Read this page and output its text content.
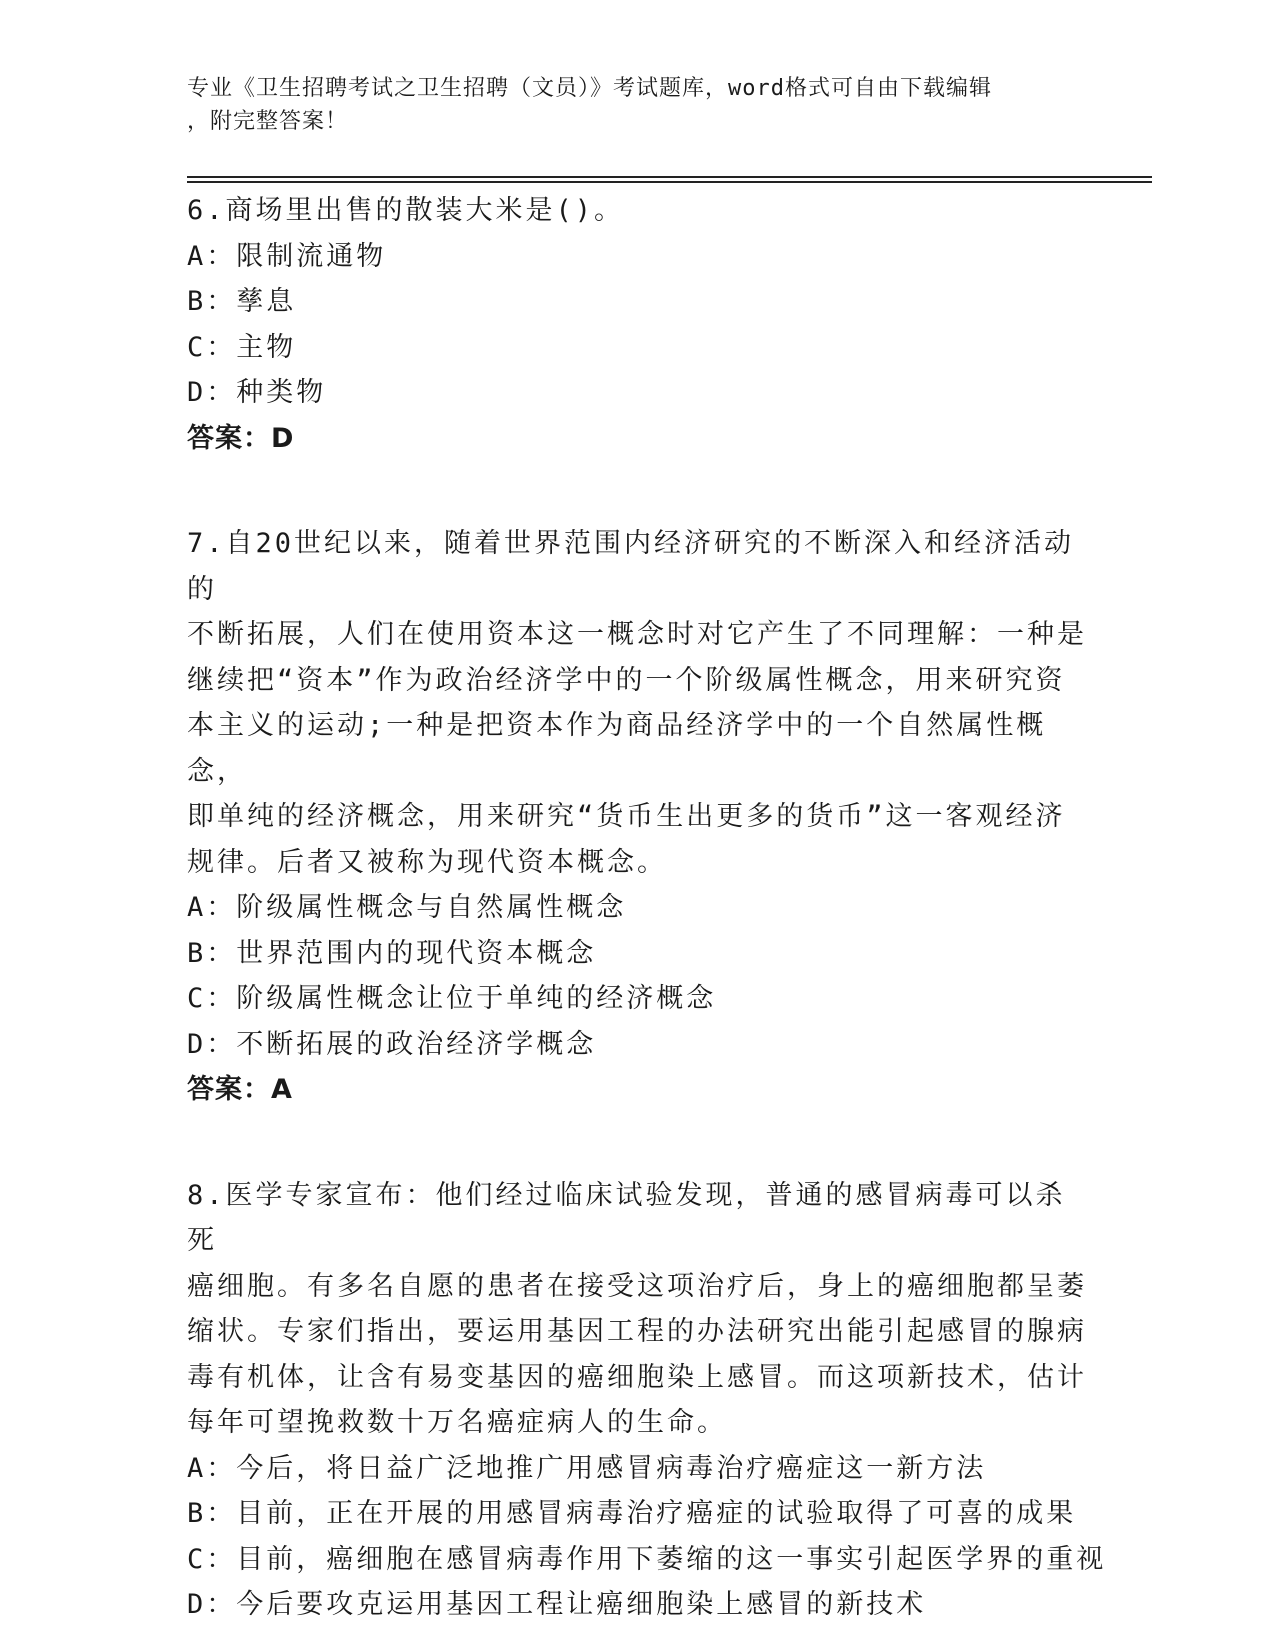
专业《卫生招聘考试之卫生招聘（文员）》考试题库，word格式可自由下载编辑

，附完整答案！

6.商场里出售的散装大米是()。

A：限制流通物

B：孳息

C：主物

D：种类物

答案：D

7.自20世纪以来，随着世界范围内经济研究的不断深入和经济活动的

不断拓展，人们在使用资本这一概念时对它产生了不同理解：一种是

继续把“资本”作为政治经济学中的一个阶级属性概念，用来研究资

本主义的运动;一种是把资本作为商品经济学中的一个自然属性概念，

即单纯的经济概念，用来研究“货币生出更多的货币”这一客观经济

规律。后者又被称为现代资本概念。

A：阶级属性概念与自然属性概念

B：世界范围内的现代资本概念

C：阶级属性概念让位于单纯的经济概念

D：不断拓展的政治经济学概念

答案：A

8.医学专家宣布：他们经过临床试验发现，普通的感冒病毒可以杀死

癌细胞。有多名自愿的患者在接受这项治疗后，身上的癌细胞都呈萎

缩状。专家们指出，要运用基因工程的办法研究出能引起感冒的腺病

毒有机体，让含有易变基因的癌细胞染上感冒。而这项新技术，估计

每年可望挽救数十万名癌症病人的生命。

A：今后，将日益广泛地推广用感冒病毒治疗癌症这一新方法

B：目前，正在开展的用感冒病毒治疗癌症的试验取得了可喜的成果

C：目前，癌细胞在感冒病毒作用下萎缩的这一事实引起医学界的重视

D：今后要攻克运用基因工程让癌细胞染上感冒的新技术
